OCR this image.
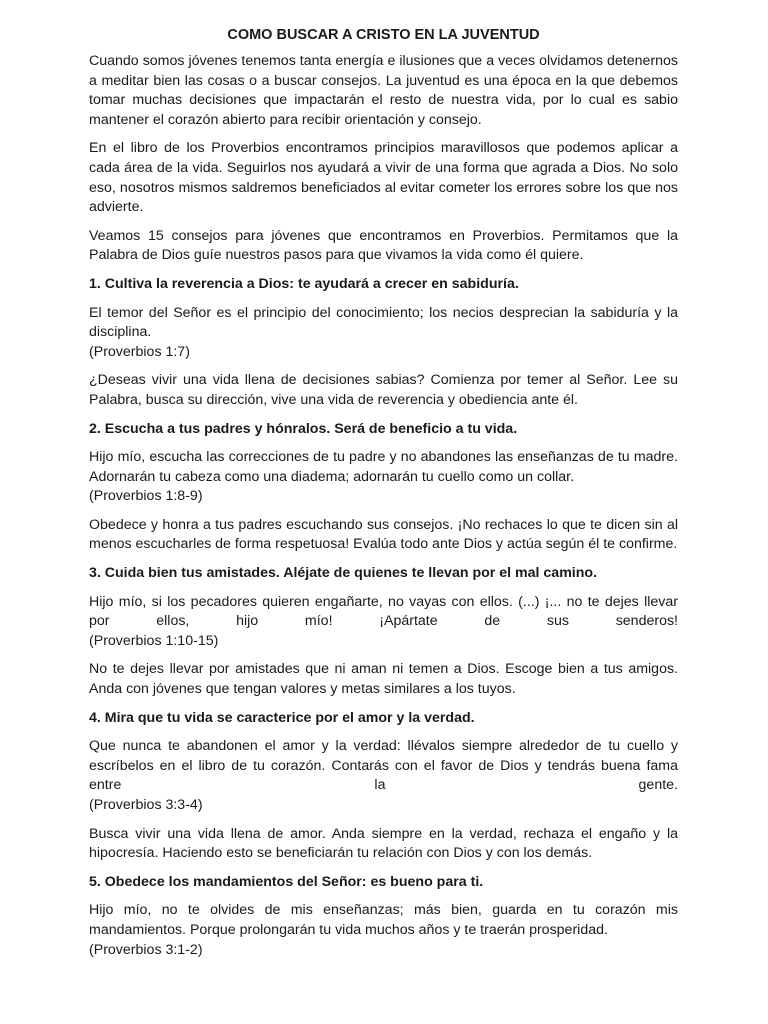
COMO BUSCAR A CRISTO EN LA JUVENTUD

Cuando somos jóvenes tenemos tanta energía e ilusiones que a veces olvidamos detenernos a meditar bien las cosas o a buscar consejos. La juventud es una época en la que debemos tomar muchas decisiones que impactarán el resto de nuestra vida, por lo cual es sabio mantener el corazón abierto para recibir orientación y consejo.

En el libro de los Proverbios encontramos principios maravillosos que podemos aplicar a cada área de la vida. Seguirlos nos ayudará a vivir de una forma que agrada a Dios. No solo eso, nosotros mismos saldremos beneficiados al evitar cometer los errores sobre los que nos advierte.

Veamos 15 consejos para jóvenes que encontramos en Proverbios. Permitamos que la Palabra de Dios guíe nuestros pasos para que vivamos la vida como él quiere.

1. Cultiva la reverencia a Dios: te ayudará a crecer en sabiduría.

El temor del Señor es el principio del conocimiento; los necios desprecian la sabiduría y la disciplina.
(Proverbios 1:7)

¿Deseas vivir una vida llena de decisiones sabias? Comienza por temer al Señor. Lee su Palabra, busca su dirección, vive una vida de reverencia y obediencia ante él.

2. Escucha a tus padres y hónralos. Será de beneficio a tu vida.

Hijo mío, escucha las correcciones de tu padre y no abandones las enseñanzas de tu madre. Adornarán tu cabeza como una diadema; adornarán tu cuello como un collar.
(Proverbios 1:8-9)

Obedece y honra a tus padres escuchando sus consejos. ¡No rechaces lo que te dicen sin al menos escucharles de forma respetuosa! Evalúa todo ante Dios y actúa según él te confirme.

3. Cuida bien tus amistades. Aléjate de quienes te llevan por el mal camino.

Hijo mío, si los pecadores quieren engañarte, no vayas con ellos. (...) ¡... no te dejes llevar por ellos, hijo mío! ¡Apártate de sus senderos!
(Proverbios 1:10-15)

No te dejes llevar por amistades que ni aman ni temen a Dios. Escoge bien a tus amigos. Anda con jóvenes que tengan valores y metas similares a los tuyos.

4. Mira que tu vida se caracterice por el amor y la verdad.

Que nunca te abandonen el amor y la verdad: llévalos siempre alrededor de tu cuello y escríbelos en el libro de tu corazón. Contarás con el favor de Dios y tendrás buena fama entre la gente.
(Proverbios 3:3-4)

Busca vivir una vida llena de amor. Anda siempre en la verdad, rechaza el engaño y la hipocresía. Haciendo esto se beneficiarán tu relación con Dios y con los demás.

5. Obedece los mandamientos del Señor: es bueno para ti.

Hijo mío, no te olvides de mis enseñanzas; más bien, guarda en tu corazón mis mandamientos. Porque prolongarán tu vida muchos años y te traerán prosperidad.
(Proverbios 3:1-2)
